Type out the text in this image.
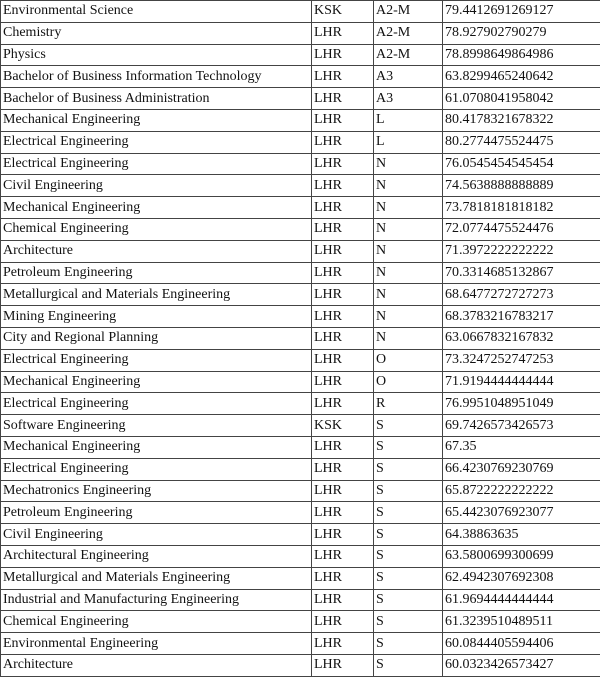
Environmental Science	KSK	A2-M	79.4412691269127
Chemistry	LHR	A2-M	78.927902790279
Physics	LHR	A2-M	78.8998649864986
Bachelor of Business Information Technology	LHR	A3	63.8299465240642
Bachelor of Business Administration	LHR	A3	61.0708041958042
Mechanical Engineering	LHR	L	80.4178321678322
Electrical Engineering	LHR	L	80.2774475524475
Electrical Engineering	LHR	N	76.0545454545454
Civil Engineering	LHR	N	74.5638888888889
Mechanical Engineering	LHR	N	73.7818181818182
Chemical Engineering	LHR	N	72.0774475524476
Architecture	LHR	N	71.3972222222222
Petroleum Engineering	LHR	N	70.3314685132867
Metallurgical and Materials Engineering	LHR	N	68.6477272727273
Mining Engineering	LHR	N	68.3783216783217
City and Regional Planning	LHR	N	63.0667832167832
Electrical Engineering	LHR	O	73.3247252747253
Mechanical Engineering	LHR	O	71.9194444444444
Electrical Engineering	LHR	R	76.9951048951049
Software Engineering	KSK	S	69.7426573426573
Mechanical Engineering	LHR	S	67.35
Electrical Engineering	LHR	S	66.4230769230769
Mechatronics Engineering	LHR	S	65.8722222222222
Petroleum Engineering	LHR	S	65.4423076923077
Civil Engineering	LHR	S	64.38863635
Architectural Engineering	LHR	S	63.5800699300699
Metallurgical and Materials Engineering	LHR	S	62.4942307692308
Industrial and Manufacturing Engineering	LHR	S	61.9694444444444
Chemical Engineering	LHR	S	61.3239510489511
Environmental Engineering	LHR	S	60.0844405594406
Architecture	LHR	S	60.0323426573427
